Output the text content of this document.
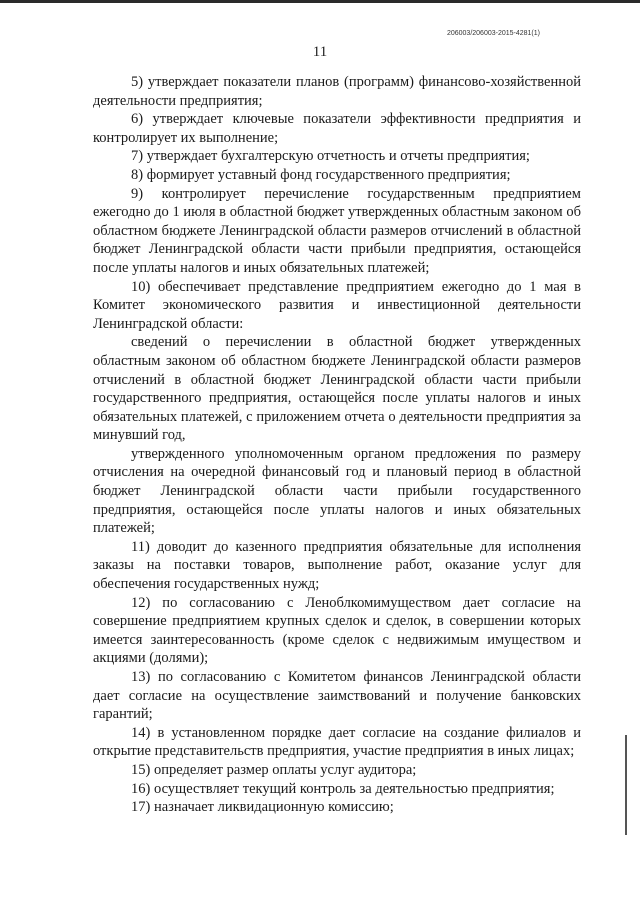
206003/206003-2015-4281(1)
11

5) утверждает показатели планов (программ) финансово-хозяйственной деятельности предприятия;

6) утверждает ключевые показатели эффективности предприятия и контролирует их выполнение;

7) утверждает бухгалтерскую отчетность и отчеты предприятия;

8) формирует уставный фонд государственного предприятия;

9) контролирует перечисление государственным предприятием ежегодно до 1 июля в областной бюджет утвержденных областным законом об областном бюджете Ленинградской области размеров отчислений в областной бюджет Ленинградской области части прибыли предприятия, остающейся после уплаты налогов и иных обязательных платежей;

10) обеспечивает представление предприятием ежегодно до 1 мая в Комитет экономического развития и инвестиционной деятельности Ленинградской области:

сведений о перечислении в областной бюджет утвержденных областным законом об областном бюджете Ленинградской области размеров отчислений в областной бюджет Ленинградской области части прибыли государственного предприятия, остающейся после уплаты налогов и иных обязательных платежей, с приложением отчета о деятельности предприятия за минувший год,

утвержденного уполномоченным органом предложения по размеру отчисления на очередной финансовый год и плановый период в областной бюджет Ленинградской области части прибыли государственного предприятия, остающейся после уплаты налогов и иных обязательных платежей;

11) доводит до казенного предприятия обязательные для исполнения заказы на поставки товаров, выполнение работ, оказание услуг для обеспечения государственных нужд;

12) по согласованию с Леноблкомимуществом дает согласие на совершение предприятием крупных сделок и сделок, в совершении которых имеется заинтересованность (кроме сделок с недвижимым имуществом и акциями (долями);

13) по согласованию с Комитетом финансов Ленинградской области дает согласие на осуществление заимствований и получение банковских гарантий;

14) в установленном порядке дает согласие на создание филиалов и открытие представительств предприятия, участие предприятия в иных лицах;

15) определяет размер оплаты услуг аудитора;

16) осуществляет текущий контроль за деятельностью предприятия;

17) назначает ликвидационную комиссию;
